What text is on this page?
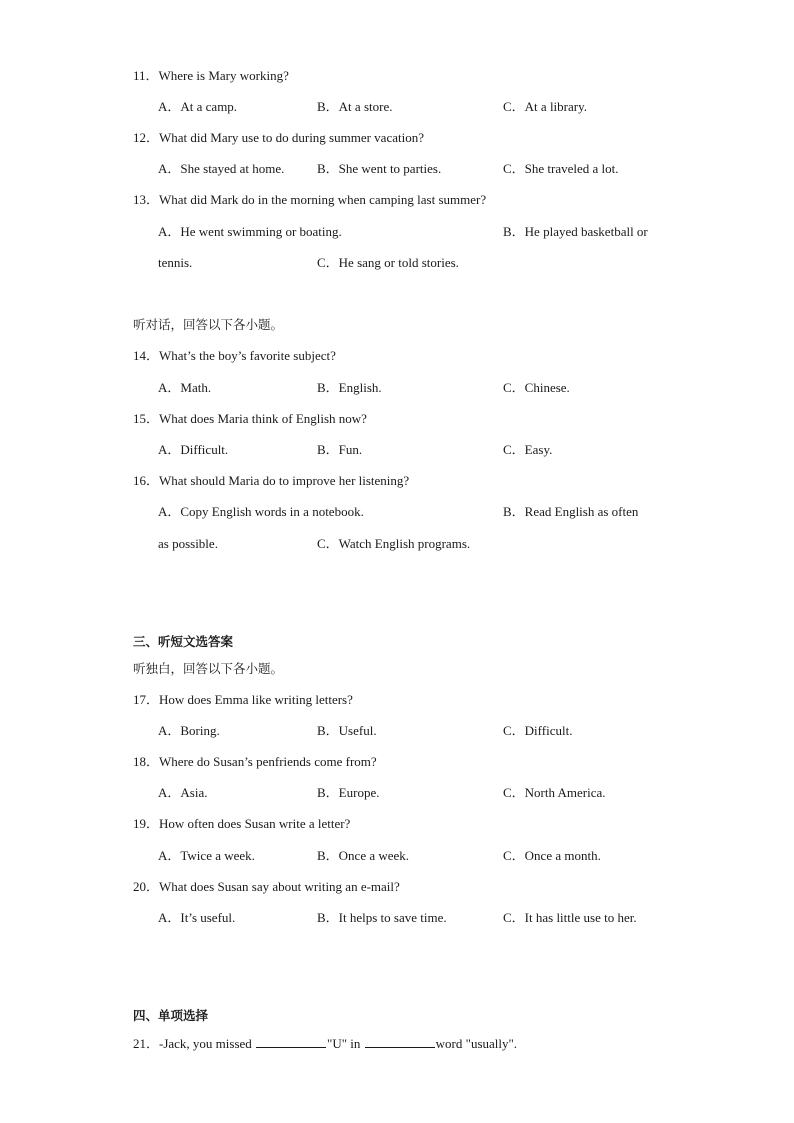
11．Where is Mary working?
A．At a camp.	B．At a store.	C．At a library.
12．What did Mary use to do during summer vacation?
A．She stayed at home.	B．She went to parties.	C．She traveled a lot.
13．What did Mark do in the morning when camping last summer?
A．He went swimming or boating.	B．He played basketball or
tennis.	C．He sang or told stories.
听对话，回答以下各小题。
14．What’s the boy’s favorite subject?
A．Math.	B．English.	C．Chinese.
15．What does Maria think of English now?
A．Difficult.	B．Fun.	C．Easy.
16．What should Maria do to improve her listening?
A．Copy English words in a notebook.	B．Read English as often
as possible.	C．Watch English programs.
三、听短文选答案
听独白，回答以下各小题。
17．How does Emma like writing letters?
A．Boring.	B．Useful.	C．Difficult.
18．Where do Susan’s penfriends come from?
A．Asia.	B．Europe.	C．North America.
19．How often does Susan write a letter?
A．Twice a week.	B．Once a week.	C．Once a month.
20．What does Susan say about writing an e-mail?
A．It’s useful.	B．It helps to save time.	C．It has little use to her.
四、单项选择
21．-Jack, you missed	"U" in	word "usually".
